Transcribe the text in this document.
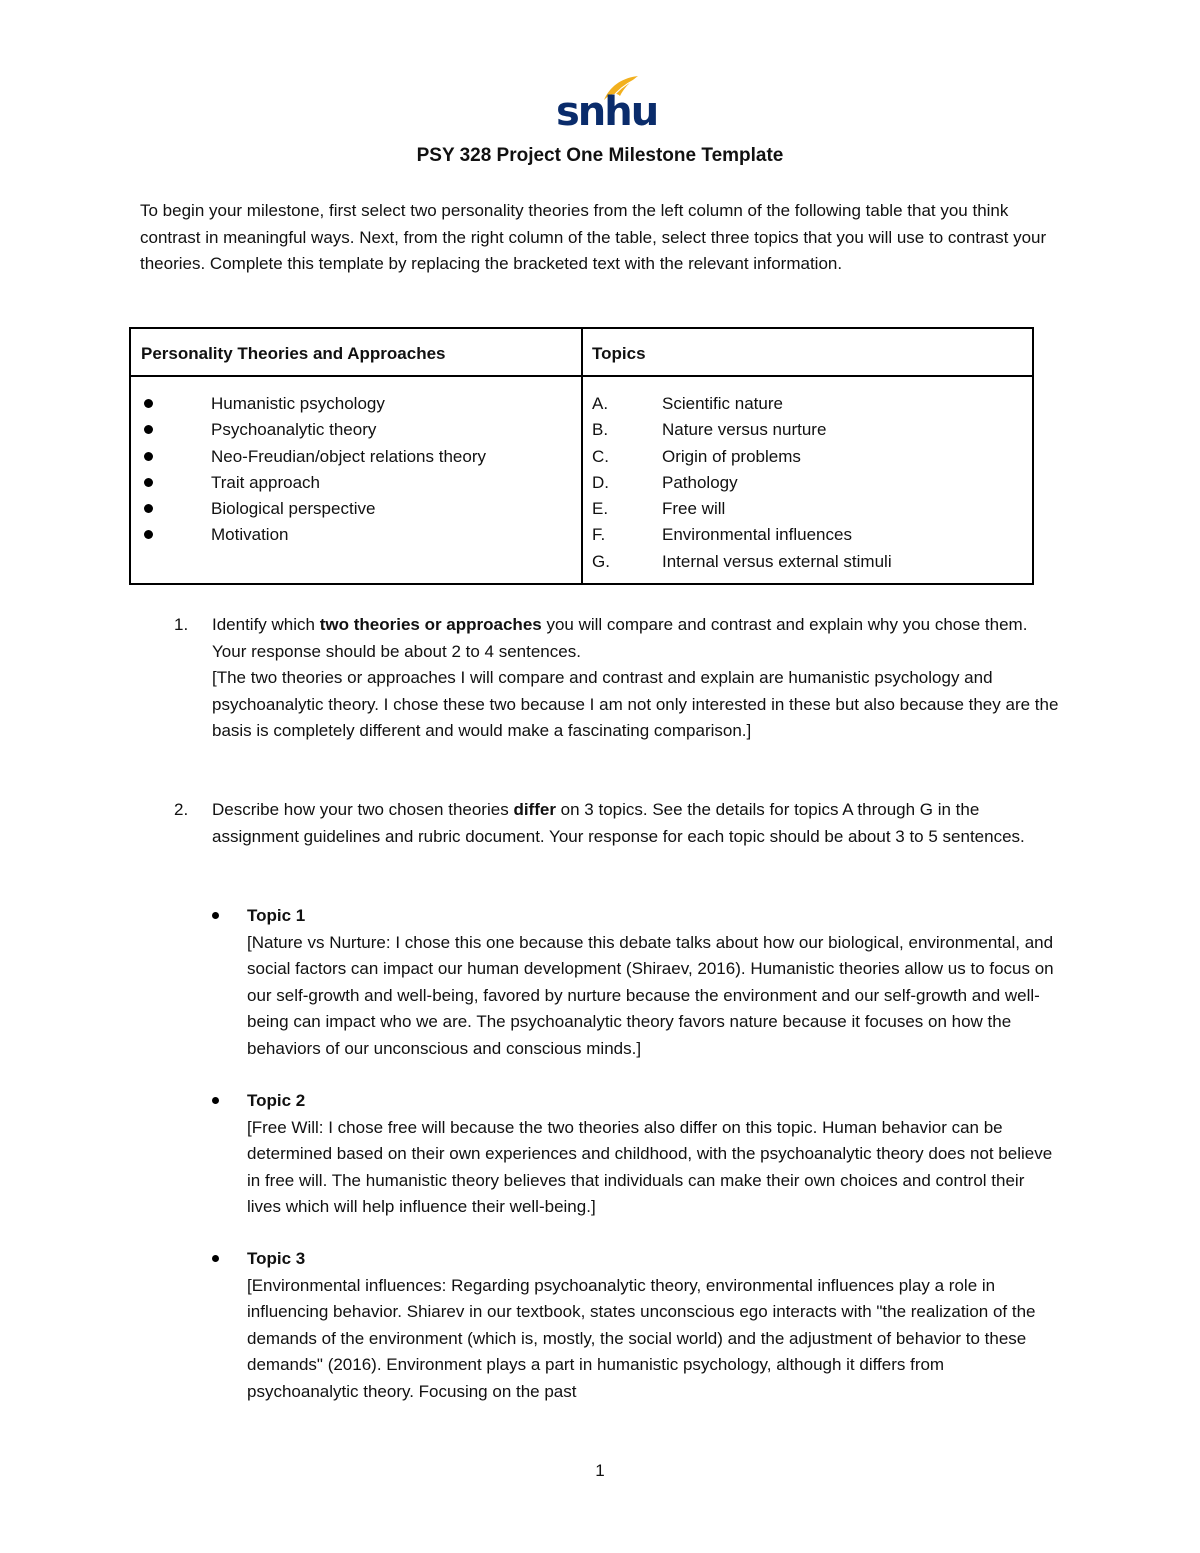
snhu
PSY 328 Project One Milestone Template
To begin your milestone, first select two personality theories from the left column of the following table that you think contrast in meaningful ways. Next, from the right column of the table, select three topics that you will use to contrast your theories. Complete this template by replacing the bracketed text with the relevant information.
Personality Theories and Approaches	Topics
Humanistic psychology
Psychoanalytic theory
Neo-Freudian/object relations theory
Trait approach
Biological perspective
Motivation
A.	Scientific nature
B.	Nature versus nurture
C.	Origin of problems
D.	Pathology
E.	Free will
F.	Environmental influences
G.	Internal versus external stimuli
1. Identify which two theories or approaches you will compare and contrast and explain why you chose them. Your response should be about 2 to 4 sentences.
[The two theories or approaches I will compare and contrast and explain are humanistic psychology and psychoanalytic theory. I chose these two because I am not only interested in these but also because they are the basis is completely different and would make a fascinating comparison.]
2. Describe how your two chosen theories differ on 3 topics. See the details for topics A through G in the assignment guidelines and rubric document. Your response for each topic should be about 3 to 5 sentences.
Topic 1
[Nature vs Nurture: I chose this one because this debate talks about how our biological, environmental, and social factors can impact our human development (Shiraev, 2016). Humanistic theories allow us to focus on our self-growth and well-being, favored by nurture because the environment and our self-growth and well-being can impact who we are. The psychoanalytic theory favors nature because it focuses on how the behaviors of our unconscious and conscious minds.]
Topic 2
[Free Will: I chose free will because the two theories also differ on this topic. Human behavior can be determined based on their own experiences and childhood, with the psychoanalytic theory does not believe in free will. The humanistic theory believes that individuals can make their own choices and control their lives which will help influence their well-being.]
Topic 3
[Environmental influences: Regarding psychoanalytic theory, environmental influences play a role in influencing behavior. Shiarev in our textbook, states unconscious ego interacts with "the realization of the demands of the environment (which is, mostly, the social world) and the adjustment of behavior to these demands" (2016). Environment plays a part in humanistic psychology, although it differs from psychoanalytic theory. Focusing on the past
1
